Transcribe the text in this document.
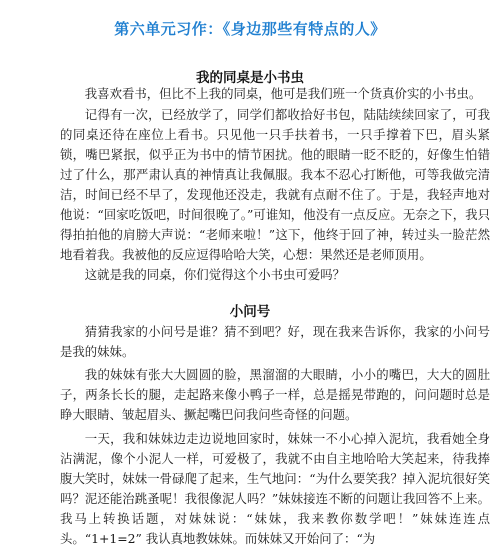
第六单元习作：《身边那些有特点的人》
我的同桌是小书虫

我喜欢看书，但比不上我的同桌，他可是我们班一个货真价实的小书虫。

记得有一次，已经放学了，同学们都收拾好书包，陆陆续续回家了，可我的同桌还待在座位上看书。只见他一只手扶着书，一只手撑着下巴，眉头紧锁，嘴巴紧抿，似乎正为书中的情节困扰。他的眼睛一眨不眨的，好像生怕错过了什么，那严肃认真的神情真让我佩服。我本不忍心打断他，可等我做完清洁，时间已经不早了，发现他还没走，我就有点耐不住了。于是，我轻声地对他说：“回家吃饭吧，时间很晚了。”可谁知，他没有一点反应。无奈之下，我只得拍拍他的肩膀大声说：“老师来啦！”这下，他终于回了神，转过头一脸茫然地看着我。我被他的反应逗得哈哈大笑，心想：果然还是老师顶用。

这就是我的同桌，你们觉得这个小书虫可爱吗？

小问号

猜猜我家的小问号是谁？猜不到吧？好，现在我来告诉你，我家的小问号是我的妹妹。

我的妹妹有张大大圆圆的脸，黑溜溜的大眼睛，小小的嘴巴，大大的圆肚子，两条长长的腿，走起路来像小鸭子一样，总是摇晃带跑的，问问题时总是睁大眼睛、皱起眉头、撅起嘴巴问我问些奇怪的问题。

一天，我和妹妹边走边说地回家时，妹妹一不小心掉入泥坑，我看她全身沾满泥，像个小泥人一样，可爱极了，我就不由自主地哈哈大笑起来，待我捧腹大笑时，妹妹一骨碌爬了起来，生气地问：“为什么要笑我？掉入泥坑很好笑吗？泥还能治跳蚤呢！我很像泥人吗？”妹妹接连不断的问题让我回答不上来。我马上转换话题，对妹妹说：“妹妹，我来教你数学吧！”妹妹连连点头。“1+1=2” 我认真地教妹妹。而妹妹又开始问了：“为
